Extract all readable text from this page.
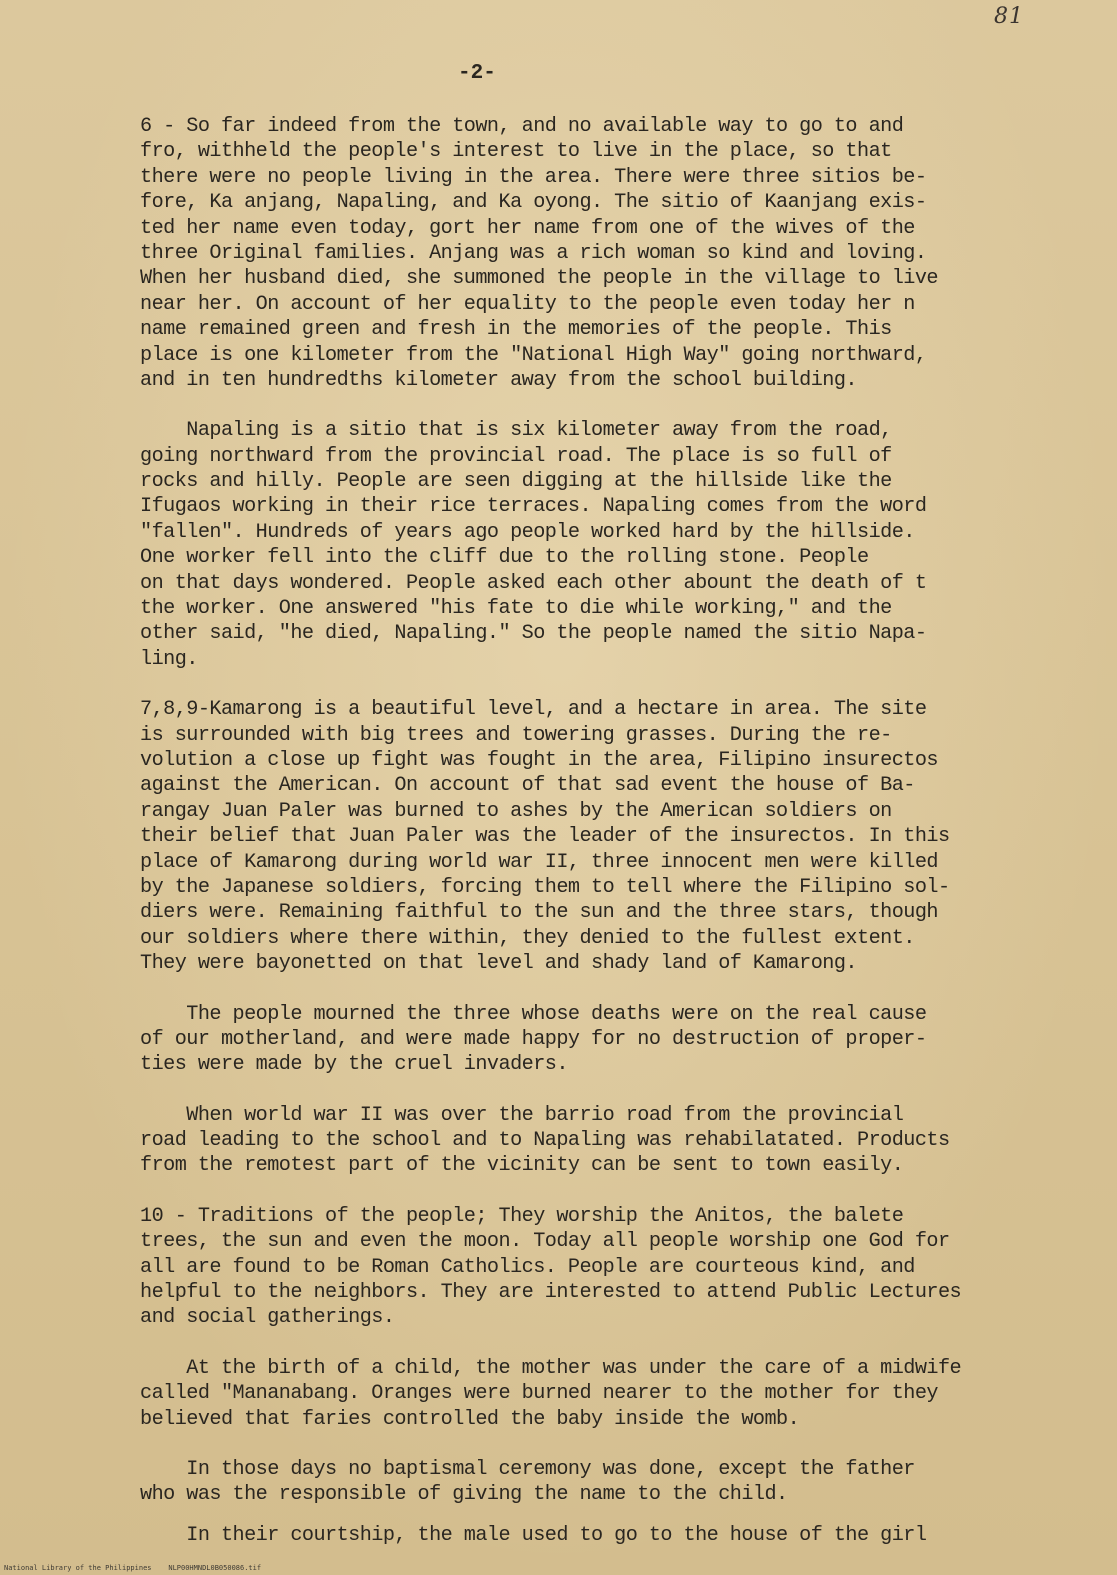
81
-2-
6 - So far indeed from the town, and no available way to go to and
fro, withheld the people's interest to live in the place, so that
there were no people living in the area. There were three sitios be-
fore, Ka anjang, Napaling, and Ka oyong. The sitio of Kaanjang exis-
ted her name even today, gort her name from one of the wives of the
three Original families. Anjang was a rich woman so kind and loving.
When her husband died, she summoned the people in the village to live
near her. On account of her equality to the people even today her n
name remained green and fresh in the memories of the people. This
place is one kilometer from the "National High Way" going northward,
and in ten hundredths kilometer away from the school building.
Napaling is a sitio that is six kilometer away from the road,
going northward from the provincial road. The place is so full of
rocks and hilly. People are seen digging at the hillside like the
Ifugaos working in their rice terraces. Napaling comes from the word
"fallen". Hundreds of years ago people worked hard by the hillside.
One worker fell into the cliff due to the rolling stone. People
on that days wondered. People asked each other abount the death of t
the worker. One answered "his fate to die while working," and the
other said, "he died, Napaling." So the people named the sitio Napa-
ling.
7,8,9-Kamarong is a beautiful level, and a hectare in area. The site
is surrounded with big trees and towering grasses. During the re-
volution a close up fight was fought in the area, Filipino insurectos
against the American. On account of that sad event the house of Ba-
rangay Juan Paler was burned to ashes by the American soldiers on
their belief that Juan Paler was the leader of the insurectos. In this
place of Kamarong during world war II, three innocent men were killed
by the Japanese soldiers, forcing them to tell where the Filipino sol-
diers were. Remaining faithful to the sun and the three stars, though
our soldiers where there within, they denied to the fullest extent.
They were bayonetted on that level and shady land of Kamarong.
The people mourned the three whose deaths were on the real cause
of our motherland, and were made happy for no destruction of proper-
ties were made by the cruel invaders.
When world war II was over the barrio road from the provincial
road leading to the school and to Napaling was rehabilatated. Products
from the remotest part of the vicinity can be sent to town easily.
10 - Traditions of the people; They worship the Anitos, the balete
trees, the sun and even the moon. Today all people worship one God for
all are found to be Roman Catholics. People are courteous kind, and
helpful to the neighbors. They are interested to attend Public Lectures
and social gatherings.
At the birth of a child, the mother was under the care of a midwife
called "Mananabang. Oranges were burned nearer to the mother for they
believed that faries controlled the baby inside the womb.
In those days no baptismal ceremony was done, except the father
who was the responsible of giving the name to the child.
In their courtship, the male used to go to the house of the girl
National Library of the Philippines    NLP00HMNDL0B050086.tif
